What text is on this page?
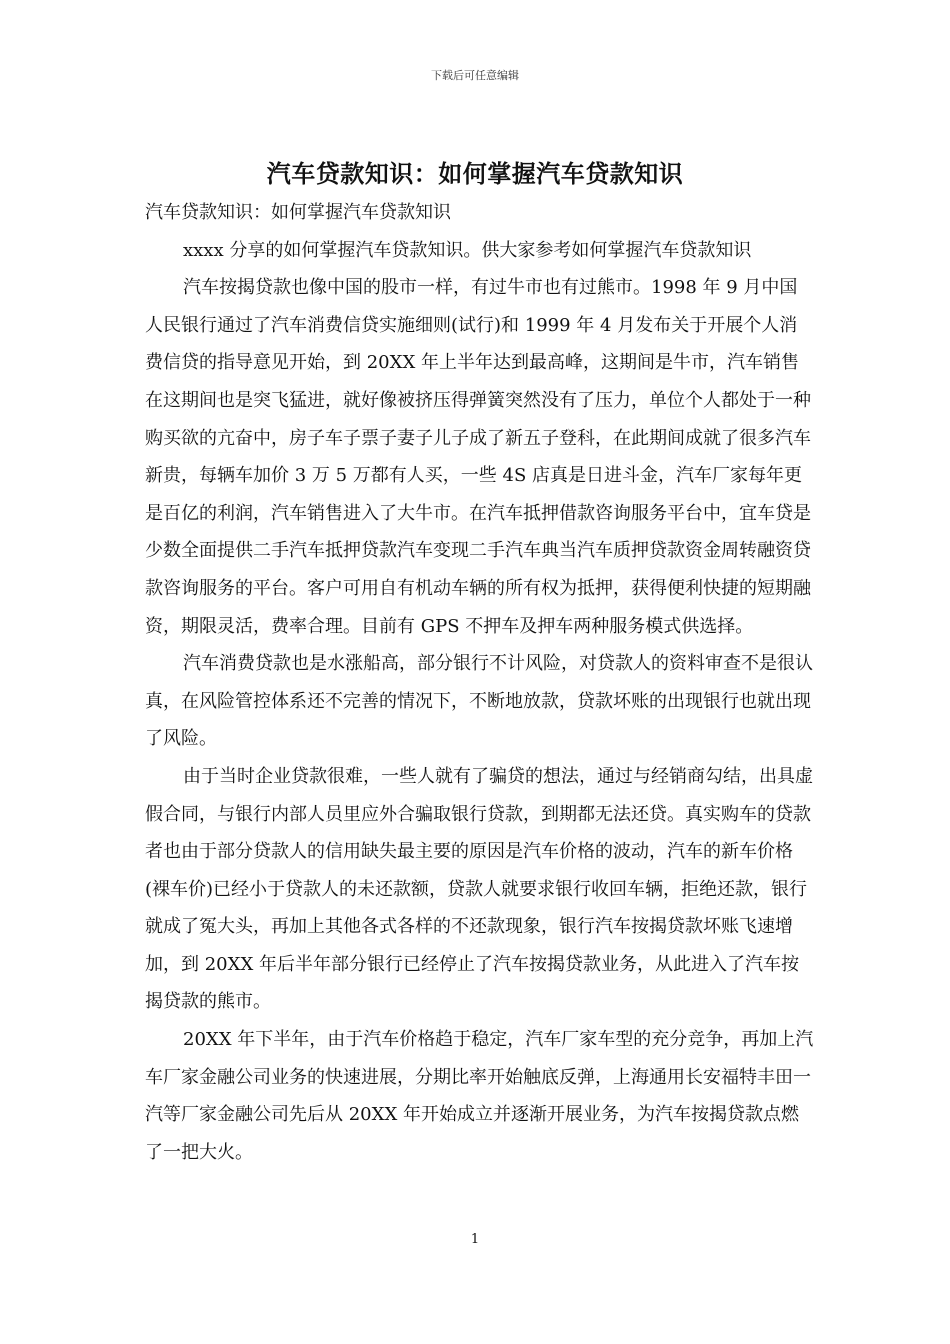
下载后可任意编辑
汽车贷款知识：如何掌握汽车贷款知识

汽车贷款知识：如何掌握汽车贷款知识

xxxx 分享的如何掌握汽车贷款知识。供大家参考如何掌握汽车贷款知识

汽车按揭贷款也像中国的股市一样，有过牛市也有过熊市。1998 年 9 月中国人民银行通过了汽车消费信贷实施细则(试行)和 1999 年 4 月发布关于开展个人消费信贷的指导意见开始，到 20XX 年上半年达到最高峰，这期间是牛市，汽车销售在这期间也是突飞猛进，就好像被挤压得弹簧突然没有了压力，单位个人都处于一种购买欲的亢奋中，房子车子票子妻子儿子成了新五子登科，在此期间成就了很多汽车新贵，每辆车加价 3 万 5 万都有人买，一些 4S 店真是日进斗金，汽车厂家每年更是百亿的利润，汽车销售进入了大牛市。在汽车抵押借款咨询服务平台中，宜车贷是少数全面提供二手汽车抵押贷款汽车变现二手汽车典当汽车质押贷款资金周转融资贷款咨询服务的平台。客户可用自有机动车辆的所有权为抵押，获得便利快捷的短期融资，期限灵活，费率合理。目前有 GPS 不押车及押车两种服务模式供选择。

汽车消费贷款也是水涨船高，部分银行不计风险，对贷款人的资料审查不是很认真，在风险管控体系还不完善的情况下，不断地放款，贷款坏账的出现银行也就出现了风险。

由于当时企业贷款很难，一些人就有了骗贷的想法，通过与经销商勾结，出具虚假合同，与银行内部人员里应外合骗取银行贷款，到期都无法还贷。真实购车的贷款者也由于部分贷款人的信用缺失最主要的原因是汽车价格的波动，汽车的新车价格(裸车价)已经小于贷款人的未还款额，贷款人就要求银行收回车辆，拒绝还款，银行就成了冤大头，再加上其他各式各样的不还款现象，银行汽车按揭贷款坏账飞速增加，到 20XX 年后半年部分银行已经停止了汽车按揭贷款业务，从此进入了汽车按揭贷款的熊市。

20XX 年下半年，由于汽车价格趋于稳定，汽车厂家车型的充分竞争，再加上汽车厂家金融公司业务的快速进展，分期比率开始触底反弹，上海通用长安福特丰田一汽等厂家金融公司先后从 20XX 年开始成立并逐渐开展业务，为汽车按揭贷款点燃了一把大火。

1
